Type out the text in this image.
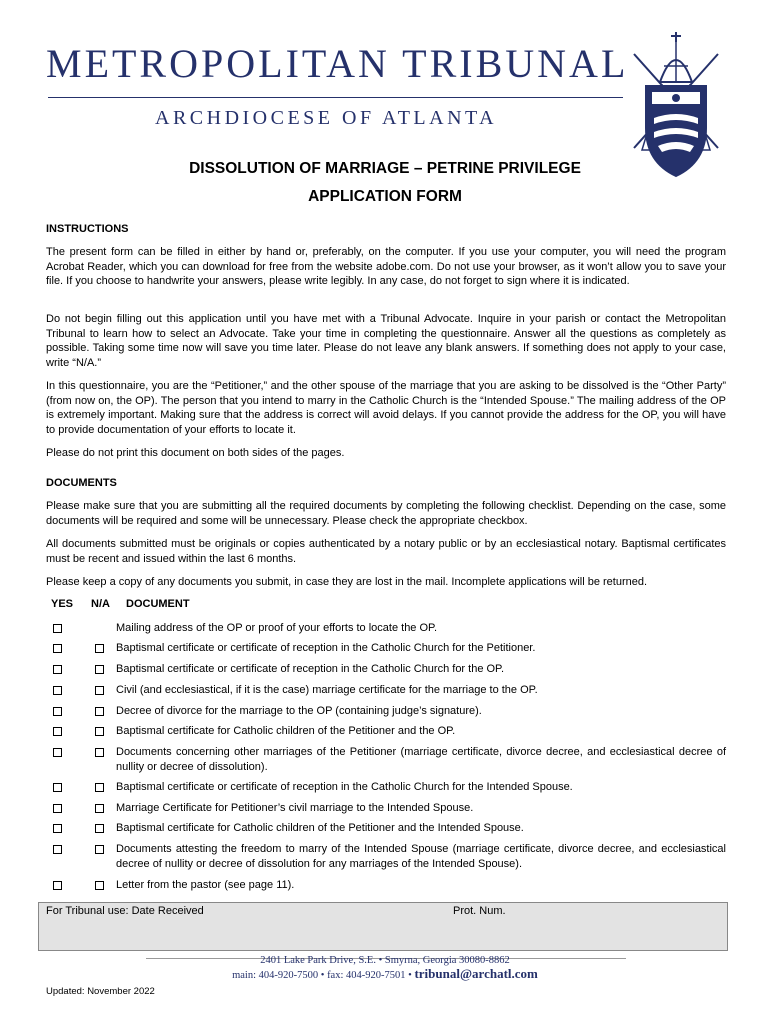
METROPOLITAN TRIBUNAL
ARCHDIOCESE OF ATLANTA
DISSOLUTION OF MARRIAGE – PETRINE PRIVILEGE
APPLICATION FORM
INSTRUCTIONS
The present form can be filled in either by hand or, preferably, on the computer. If you use your computer, you will need the program Acrobat Reader, which you can download for free from the website adobe.com. Do not use your browser, as it won’t allow you to save your file. If you choose to handwrite your answers, please write legibly. In any case, do not forget to sign where it is indicated.
Do not begin filling out this application until you have met with a Tribunal Advocate. Inquire in your parish or contact the Metropolitan Tribunal to learn how to select an Advocate. Take your time in completing the questionnaire. Answer all the questions as completely as possible. Taking some time now will save you time later. Please do not leave any blank answers. If something does not apply to your case, write “N/A.”
In this questionnaire, you are the “Petitioner,” and the other spouse of the marriage that you are asking to be dissolved is the “Other Party” (from now on, the OP). The person that you intend to marry in the Catholic Church is the “Intended Spouse.” The mailing address of the OP is extremely important. Making sure that the address is correct will avoid delays. If you cannot provide the address for the OP, you will have to provide documentation of your efforts to locate it.
Please do not print this document on both sides of the pages.
DOCUMENTS
Please make sure that you are submitting all the required documents by completing the following checklist. Depending on the case, some documents will be required and some will be unnecessary. Please check the appropriate checkbox.
All documents submitted must be originals or copies authenticated by a notary public or by an ecclesiastical notary. Baptismal certificates must be recent and issued within the last 6 months.
Please keep a copy of any documents you submit, in case they are lost in the mail. Incomplete applications will be returned.
YES N/A DOCUMENT
Mailing address of the OP or proof of your efforts to locate the OP.
Baptismal certificate or certificate of reception in the Catholic Church for the Petitioner.
Baptismal certificate or certificate of reception in the Catholic Church for the OP.
Civil (and ecclesiastical, if it is the case) marriage certificate for the marriage to the OP.
Decree of divorce for the marriage to the OP (containing judge’s signature).
Baptismal certificate for Catholic children of the Petitioner and the OP.
Documents concerning other marriages of the Petitioner (marriage certificate, divorce decree, and ecclesiastical decree of nullity or decree of dissolution).
Baptismal certificate or certificate of reception in the Catholic Church for the Intended Spouse.
Marriage Certificate for Petitioner’s civil marriage to the Intended Spouse.
Baptismal certificate for Catholic children of the Petitioner and the Intended Spouse.
Documents attesting the freedom to marry of the Intended Spouse (marriage certificate, divorce decree, and ecclesiastical decree of nullity or decree of dissolution for any marriages of the Intended Spouse).
Letter from the pastor (see page 11).
For Tribunal use: Date Received	Prot. Num.
2401 Lake Park Drive, S.E. • Smyrna, Georgia 30080-8862
main: 404-920-7500 • fax: 404-920-7501 • tribunal@archatl.com
Updated: November 2022
